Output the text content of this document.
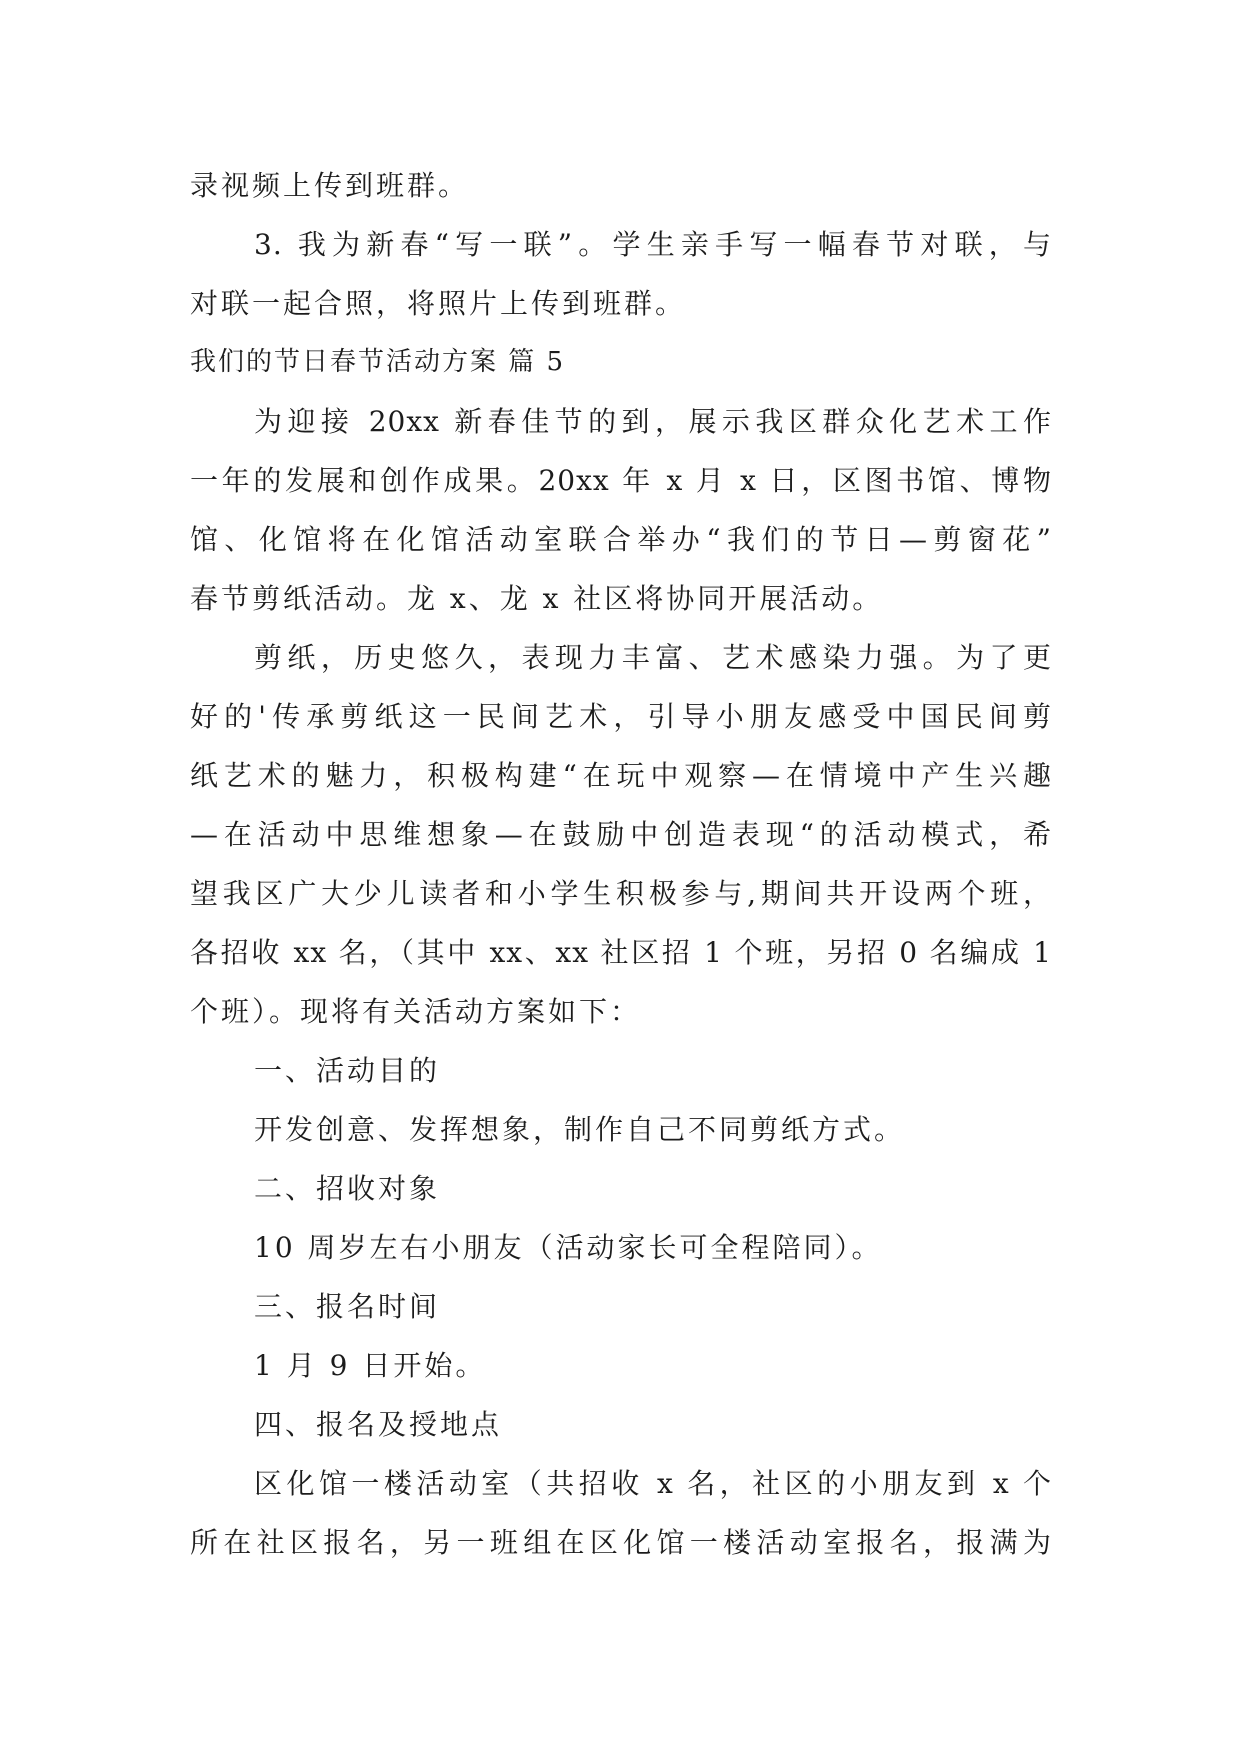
录视频上传到班群。
3. 我为新春“写一联”。学生亲手写一幅春节对联，与
对联一起合照，将照片上传到班群。
我们的节日春节活动方案 篇 5
为迎接 20xx 新春佳节的到，展示我区群众化艺术工作
一年的发展和创作成果。20xx 年 x 月 x 日，区图书馆、博物
馆、化馆将在化馆活动室联合举办“我们的节日—剪窗花”
春节剪纸活动。龙 x、龙 x 社区将协同开展活动。
剪纸，历史悠久，表现力丰富、艺术感染力强。为了更
好的'传承剪纸这一民间艺术，引导小朋友感受中国民间剪
纸艺术的魅力，积极构建“在玩中观察—在情境中产生兴趣
—在活动中思维想象—在鼓励中创造表现“的活动模式，希
望我区广大少儿读者和小学生积极参与,期间共开设两个班，
各招收 xx 名，（其中 xx、xx 社区招 1 个班，另招 0 名编成 1
个班）。现将有关活动方案如下：
一、活动目的
开发创意、发挥想象，制作自己不同剪纸方式。
二、招收对象
10 周岁左右小朋友（活动家长可全程陪同）。
三、报名时间
1 月 9 日开始。
四、报名及授地点
区化馆一楼活动室（共招收 x 名，社区的小朋友到 x 个
所在社区报名，另一班组在区化馆一楼活动室报名，报满为
